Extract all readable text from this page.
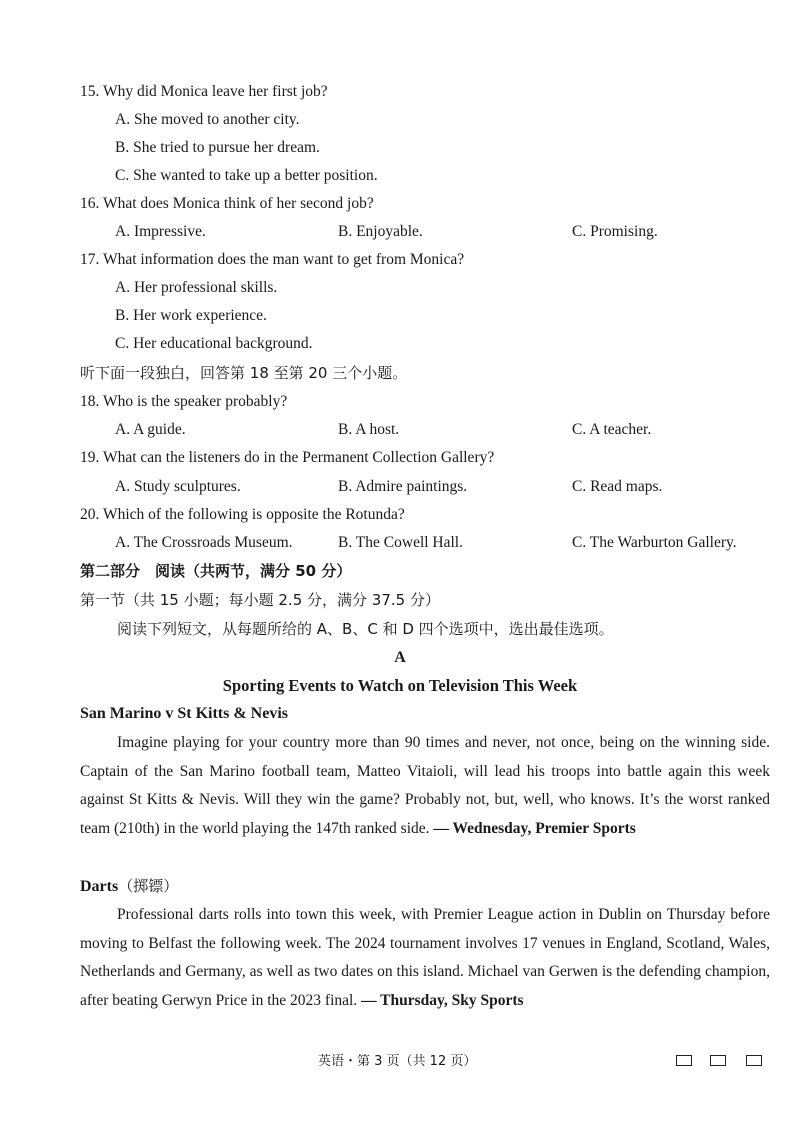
15. Why did Monica leave her first job?
A. She moved to another city.
B. She tried to pursue her dream.
C. She wanted to take up a better position.
16. What does Monica think of her second job?
A. Impressive.	B. Enjoyable.	C. Promising.
17. What information does the man want to get from Monica?
A. Her professional skills.
B. Her work experience.
C. Her educational background.
听下面一段独白，回答第 18 至第 20 三个小题。
18. Who is the speaker probably?
A. A guide.	B. A host.	C. A teacher.
19. What can the listeners do in the Permanent Collection Gallery?
A. Study sculptures.	B. Admire paintings.	C. Read maps.
20. Which of the following is opposite the Rotunda?
A. The Crossroads Museum.	B. The Cowell Hall.	C. The Warburton Gallery.
第二部分　阅读（共两节，满分 50 分）
第一节（共 15 小题；每小题 2.5 分，满分 37.5 分）
阅读下列短文，从每题所给的 A、B、C 和 D 四个选项中，选出最佳选项。
A
Sporting Events to Watch on Television This Week
San Marino v St Kitts & Nevis

Imagine playing for your country more than 90 times and never, not once, being on the winning side. Captain of the San Marino football team, Matteo Vitaioli, will lead his troops into battle again this week against St Kitts & Nevis. Will they win the game? Probably not, but, well, who knows. It’s the worst ranked team (210th) in the world playing the 147th ranked side. — Wednesday, Premier Sports

Darts（掷镖）

Professional darts rolls into town this week, with Premier League action in Dublin on Thursday before moving to Belfast the following week. The 2024 tournament involves 17 venues in England, Scotland, Wales, Netherlands and Germany, as well as two dates on this island. Michael van Gerwen is the defending champion, after beating Gerwyn Price in the 2023 final. — Thursday, Sky Sports

英语・第 3 页（共 12 页）
